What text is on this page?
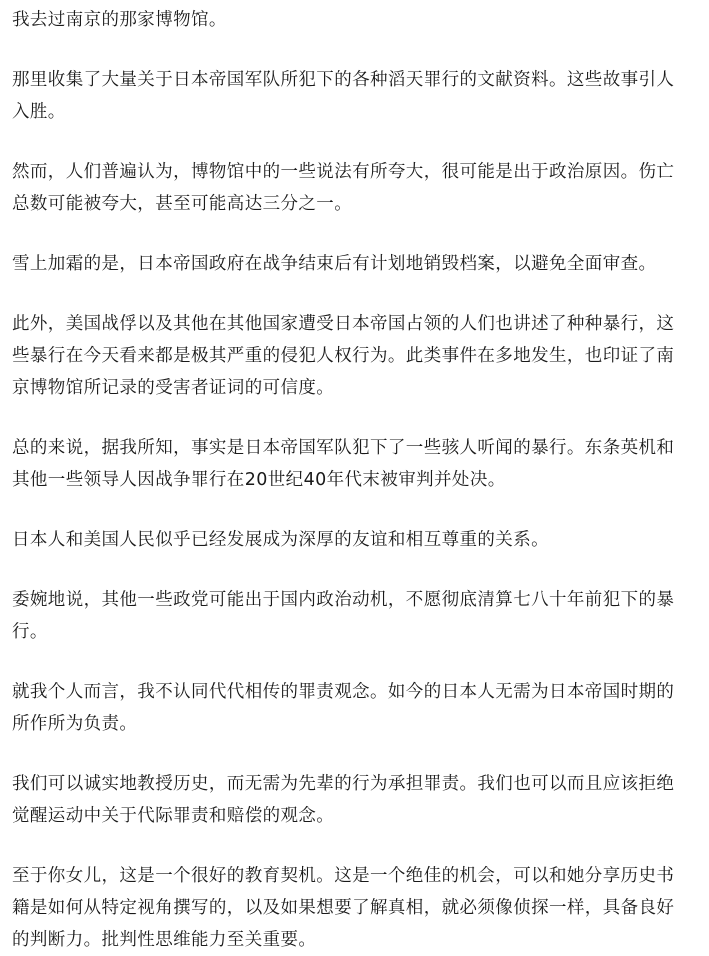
我去过南京的那家博物馆。

那里收集了大量关于日本帝国军队所犯下的各种滔天罪行的文献资料。这些故事引人入胜。

然而，人们普遍认为，博物馆中的一些说法有所夸大，很可能是出于政治原因。伤亡总数可能被夸大，甚至可能高达三分之一。

雪上加霜的是，日本帝国政府在战争结束后有计划地销毁档案，以避免全面审查。

此外，美国战俘以及其他在其他国家遭受日本帝国占领的人们也讲述了种种暴行，这些暴行在今天看来都是极其严重的侵犯人权行为。此类事件在多地发生，也印证了南京博物馆所记录的受害者证词的可信度。

总的来说，据我所知，事实是日本帝国军队犯下了一些骇人听闻的暴行。东条英机和其他一些领导人因战争罪行在20世纪40年代末被审判并处决。

日本人和美国人民似乎已经发展成为深厚的友谊和相互尊重的关系。

委婉地说，其他一些政党可能出于国内政治动机，不愿彻底清算七八十年前犯下的暴行。

就我个人而言，我不认同代代相传的罪责观念。如今的日本人无需为日本帝国时期的所作所为负责。

我们可以诚实地教授历史，而无需为先辈的行为承担罪责。我们也可以而且应该拒绝觉醒运动中关于代际罪责和赔偿的观念。

至于你女儿，这是一个很好的教育契机。这是一个绝佳的机会，可以和她分享历史书籍是如何从特定视角撰写的，以及如果想要了解真相，就必须像侦探一样，具备良好的判断力。批判性思维能力至关重要。
